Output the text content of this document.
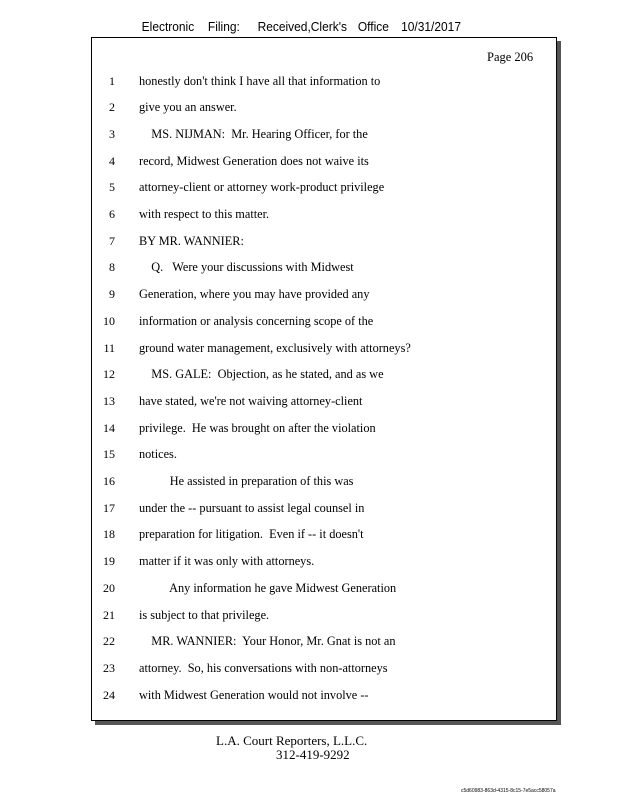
Electronic Filing: Received,Clerk's Office 10/31/2017
Page 206
1 honestly don't think I have all that information to
2 give you an answer.
3 MS. NIJMAN:  Mr. Hearing Officer, for the
4 record, Midwest Generation does not waive its
5 attorney-client or attorney work-product privilege
6 with respect to this matter.
7 BY MR. WANNIER:
8 Q.   Were your discussions with Midwest
9 Generation, where you may have provided any
10 information or analysis concerning scope of the
11 ground water management, exclusively with attorneys?
12 MS. GALE:  Objection, as he stated, and as we
13 have stated, we're not waiving attorney-client
14 privilege.  He was brought on after the violation
15 notices.
16 He assisted in preparation of this was
17 under the -- pursuant to assist legal counsel in
18 preparation for litigation.  Even if -- it doesn't
19 matter if it was only with attorneys.
20 Any information he gave Midwest Generation
21 is subject to that privilege.
22 MR. WANNIER:  Your Honor, Mr. Gnat is not an
23 attorney.  So, his conversations with non-attorneys
24 with Midwest Generation would not involve --
L.A. Court Reporters, L.L.C.
312-419-9292
c5d60983-863d-4315-8c15-7e5acc58057a
